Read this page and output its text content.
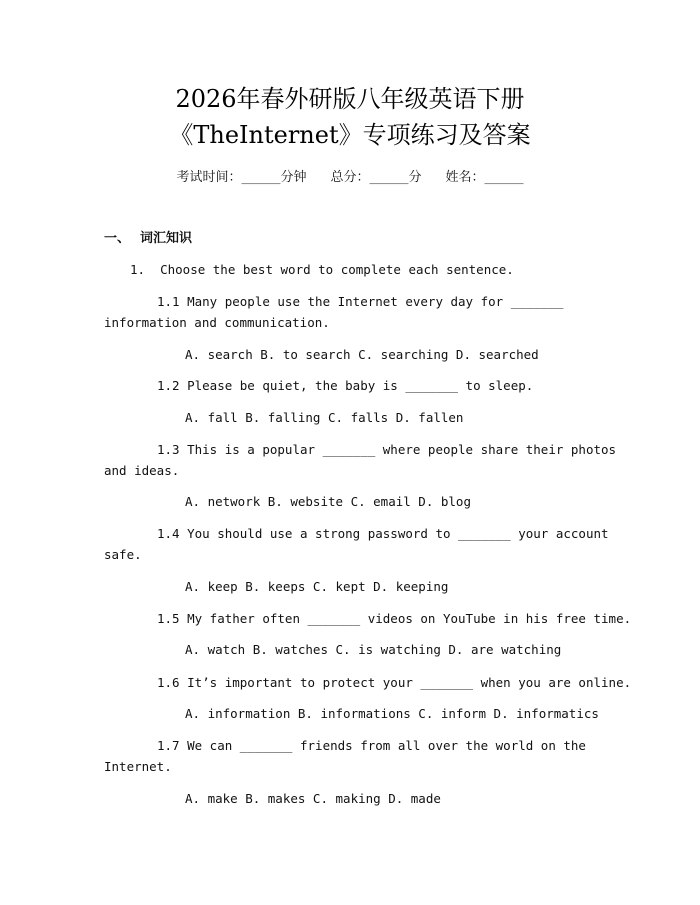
2026年春外研版八年级英语下册
《TheInternet》专项练习及答案
考试时间：______分钟 总分：______分 姓名：______
一、 词汇知识
1.  Choose the best word to complete each sentence.
1.1 Many people use the Internet every day for _______
information and communication.
A. search B. to search C. searching D. searched
1.2 Please be quiet, the baby is _______ to sleep.
A. fall B. falling C. falls D. fallen
1.3 This is a popular _______ where people share their photos
and ideas.
A. network B. website C. email D. blog
1.4 You should use a strong password to _______ your account
safe.
A. keep B. keeps C. kept D. keeping
1.5 My father often _______ videos on YouTube in his free time.
A. watch B. watches C. is watching D. are watching
1.6 It’s important to protect your _______ when you are online.
A. information B. informations C. inform D. informatics
1.7 We can _______ friends from all over the world on the
Internet.
A. make B. makes C. making D. made
